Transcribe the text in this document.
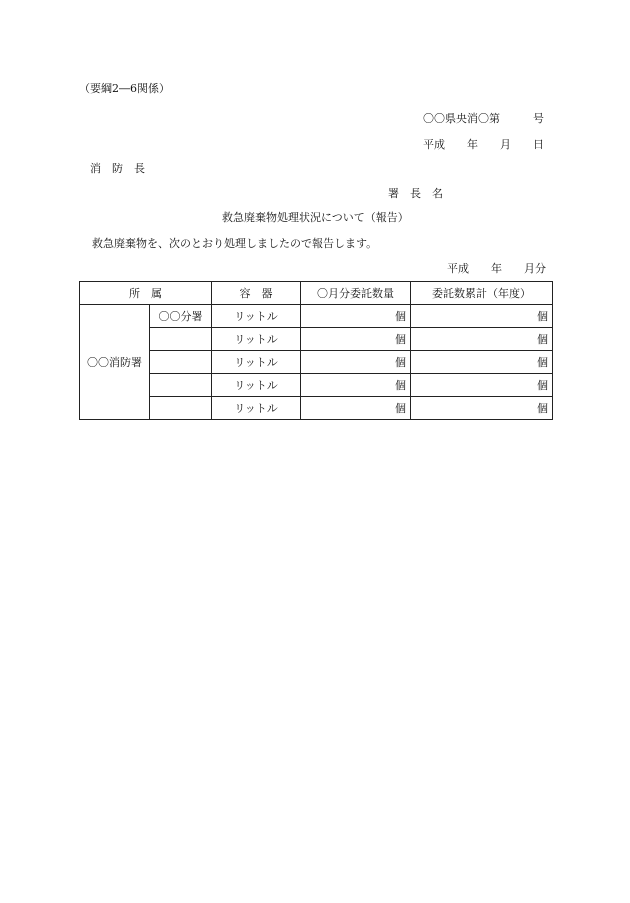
（要綱2―6関係）
〇〇県央消〇第　　　号
平成　　年　　月　　日
消　防　長
署　長　名
救急廃棄物処理状況について（報告）
救急廃棄物を、次のとおり処理しましたので報告します。
平成　　年　　月分
所　属		容　器	〇月分委託数量	委託数累計（年度）
〇〇消防署	〇〇分署	リットル	個	個
		リットル	個	個
		リットル	個	個
		リットル	個	個
		リットル	個	個
